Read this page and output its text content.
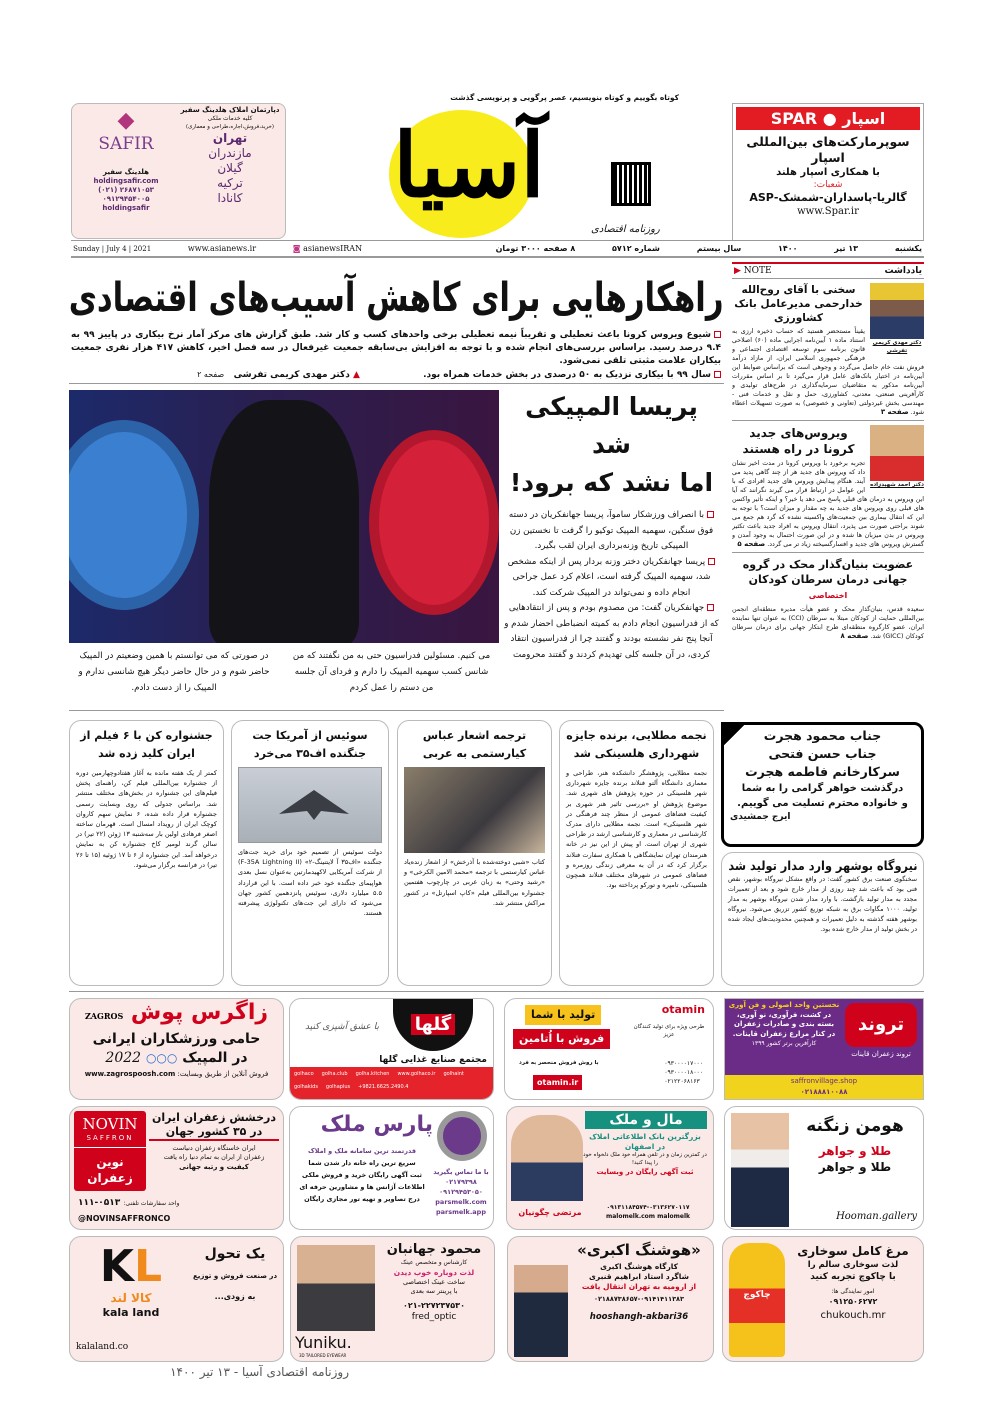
کوتاه بگوییم و کوتاه بنویسیم، عصر پرگویی و پرنویسی گذشت
آسیا
روزنامه اقتصادی
اسپار ● SPAR
سوپرمارکت‌های بین‌المللی اسپار
با همکاری اسپار هلند
شعبات:
گالریا-پاسداران-شمشک-ASP
www.Spar.ir
دپارتمان املاک هلدینگ سفیر
کلیه خدمات ملکی
(خرید،فروش،اجاره،طراحی و معماری)
تهران
مازندران
گیلان
ترکیه
کانادا
◆
SAFIR
هلدینگ سفیر
holdingsafir.com
(۰۲۱) ۲۶۸۷۱۰۵۳
۰۹۱۲۹۴۵۴۰۰۵
holdingsafir
یکشنبه
۱۳ تیر
۱۴۰۰
سال بیستم
شماره ۵۷۱۲
۸ صفحه ۳۰۰۰ تومان
◙ asianewsIRAN
www.asianews.ir
Sunday | July 4 | 2021
راهکارهایی برای کاهش آسیب‌های اقتصادی

شیوع ویروس کرونا باعث تعطیلی و تقریباً نیمه تعطیلی برخی واحدهای کسب و کار شد. طبق گزارش های مرکز آمار نرخ بیکاری در پاییز ۹۹ به ۹.۴ درصد رسید. براساس بررسی‌های انجام شده و با توجه به افزایش بی‌سابقه جمعیت غیرفعال در سه فصل اخیر، کاهش ۴۱۷ هزار نفری جمعیت بیکاران علامت مثبتی تلقی نمی‌شود.

سال ۹۹ با بیکاری نزدیک به ۵۰ درصدی در بخش خدمات همراه بود. ▲ دکتر مهدی کریمی تفرشی   صفحه ۲

یادداشت
NOTE ▶
دکتر مهدی کریمی تفرشی
سخنی با آقای روح‌الله خدارحمی مدیرعامل بانک کشاورزی

یقیناً مستحضر هستید که حساب ذخیره ارزی به استناد ماده ۱ آیین‌نامه اجرایی ماده (۶۰) اصلاحی قانون برنامه سوم توسعه اقتصادی اجتماعی و فرهنگی جمهوری اسلامی ایران، از مازاد درآمد فروش نفت خام حاصل می‌گردد و وجوهی است که براساس ضوابط این آیین‌نامه در اختیار بانک‌های عامل قرار می‌گیرد تا بر اساس مقررات آیین‌نامه مذکور به متقاضیان سرمایه‌گذاری در طرح‌های تولیدی و کارآفرینی صنعتی، معدنی، کشاورزی، حمل و نقل و خدمات فنی - مهندسی بخش غیردولتی (تعاونی و خصوصی) به صورت تسهیلات اعطاء شود. صفحه ۳

دکتر احمد شهیدزاده
ویروس‌های جدید کرونا در راه هستند

تجربه برخورد با ویروس کرونا در مدت اخیر نشان داد که ویروس های جدید هر از چند گاهی پدید می آیند. هنگام پیدایش ویروس های جدید افرادی که با این عوامل در ارتباط قرار می گیرند نگرانند که آیا این ویروس به درمان های قبلی پاسخ می دهد یا خیر؟ و اینکه تأثیر واکسن های قبلی روی ویروس های جدید به چه مقدار و میزان است؟ با توجه به این که انتقال بیماری بین جمعیت‌های واکسینه نشده که گرد هم جمع می شوند براحتی صورت می پذیرد، انتقال ویروس به افراد جدید باعث تکثیر ویروس در بدن میزبان ها شده و در این صورت احتمال به وجود آمدن و گسترش ویروس های جدید و افسارگسیخته زیاد تر می گردد. صفحه ۵

عضویت بنیان‌گذار محک در گروه جهانی درمان سرطان کودکان اختصاصی

سعیده قدس، بنیان‌گذار محک و عضو هیأت مدیره منطقه‌ای انجمن بین‌المللی حمایت از کودکان مبتلا به سرطان (CCI) به عنوان تنها نماینده ایران، عضو کارگروه منطقه‌ای طرح ابتکار جهانی برای درمان سرطان کودکان (GICC) شد. صفحه ۸

پریسا المپیکی شد
اما نشد که برود!

با انصراف ورزشکار ساموآ، پریسا جهانفکریان در دسته فوق سنگین، سهمیه المپیک توکیو را گرفت تا نخستین زن المپیکی تاریخ وزنه‌برداری ایران لقب بگیرد.

پریسا جهانفکریان دختر وزنه بردار پس از اینکه مشخص شد، سهمیه المپیک گرفته است، اعلام کرد عمل جراحی انجام داده و نمی‌تواند در المپیک شرکت کند.

جهانفکریان گفت: من مصدوم بودم و پس از انتقادهایی که از فدراسیون انجام دادم به کمیته انضباطی احضار شدم و آنجا پنج نفر نشسته بودند و گفتند چرا از فدراسیون انتقاد کردی، در آن جلسه کلی تهدیدم کردند و گفتند محرومت

می کنیم. مسئولین فدراسیون حتی به من نگفتند که من شانس کسب سهمیه المپیک را دارم و فردای آن جلسه من دستم را عمل کردم

در صورتی که می توانستم با همین وضعیتم در المپیک حاضر شوم و در حال حاضر دیگر هیچ شانسی ندارم و المپیک را از دست دادم.

نجمه مطلایی، برنده جایزه شهرداری هلسینکی شد

نجمه مطلایی، پژوهشگر دانشکده هنر، طراحی و معماری دانشگاه آلتو فنلاند برنده جایزه شهرداری شهر هلسینکی در حوزه پژوهش های شهری شد. موضوع پژوهش او «بررسی تاثیر هنر شهری بر کیفیت فضاهای عمومی از منظر چند فرهنگی در شهر هلسینکی» است. نجمه مطلایی دارای مدرک کارشناسی در معماری و کارشناسی ارشد در طراحی شهری از تهران است. او پیش از این نیز در خانه هنرمندان تهران نمایشگاهی با همکاری سفارت فنلاند برگزار کرد که در آن به معرفی زندگی روزمره و فضاهای عمومی در شهرهای مختلف فنلاند همچون هلسینکی، تامپره و تورکو پرداخته بود.

ترجمه اشعار عباس کیارستمی به عربی

کتاب «شبی دوخته‌شده با آذرخش» از اشعار زنده‌یاد عباس کیارستمی با ترجمه «محمد الامین الکرخی» و «رشید وحتی» به زبان عربی در چارچوب هفتمین جشنواره بین‌المللی فیلم «کاپ اسپارتل» در کشور مراکش منتشر شد.

سوئیس از آمریکا جت جنگنده اف۳۵ می‌خرد

دولت سوئیس از تصمیم خود برای خرید جت‌های جنگنده «اف۳۵ آ لایتنینگ-۲» (F-35A Lightning II) از شرکت آمریکایی لاکهیدمارتین به‌عنوان نسل بعدی هواپیمای جنگنده خود خبر داده است. با این قرارداد ۵.۵ میلیارد دلاری، سوئیس پانزدهمین کشور جهان می‌شود که دارای این جت‌های تکنولوژی پیشرفته هستند.

جشنواره کن با ۶ فیلم از ایران کلید زده شد

کمتر از یک هفته مانده به آغاز هفتادوچهارمین دوره از جشنواره بین‌المللی فیلم کن، راهنمای پخش فیلم‌های این جشنواره در بخش‌های مختلف منتشر شد. براساس جدولی که روی وبسایت رسمی جشنواره قرار داده شده، ۶ نمایش سهم کاروان کوچک ایران از رویداد امسال است. قهرمان ساخته اصغر فرهادی اولین بار سه‌شنبه ۱۳ ژوئن (۲۲ تیر) در سالن گرند لومیر کاخ جشنواره کن به نمایش درخواهد آمد. این جشنواره از ۶ تا ۱۷ ژوئیه (۱۵ تا ۲۶ تیر) در فرانسه برگزار می‌شود.

جناب محمود هجرت
جناب حسن فتحی
سرکارخانم فاطمه هجرت
درگذشت خواهر گرامی را به شما
و خانواده محترم تسلیت می گوییم.
ایرج جمشیدی
نیروگاه بوشهر وارد مدار تولید شد

سخنگوی صنعت برق کشور گفت: در واقع مشکل نیروگاه بوشهر، نقص فنی بود که باعث شد چند روزی از مدار خارج شود و بعد از تعمیرات مجدد به مدار تولید بازگشت. با وارد مدار شدن نیروگاه بوشهر به مدار تولید، ۱۰۰۰ مگاوات برق به شبکه توزیع کشور تزریق می‌شود. نیروگاه بوشهر هفته گذشته به دلیل تعمیرات و همچنین محدودیت‌های ایجاد شده در بخش تولید از مدار خارج شده بود.

زاگرس پوش ZAGROS
حامی ورزشکاران ایرانی
2022 ○○○ در المپیک
فروش آنلاین از طریق وبسایت: www.zagrospoosh.com
با عشق آشپزی کنید	گلها
مجتمع صنایع غذایی گلها
golhaco golha.club golha.kitchen www.golhaco.ir golhaint
golhakids golhaplus +9821.6625.2490.4
otamin
طرحی ویژه برای تولید کنندگان عزیز
۰۹۳۰۰۰۰۱۷۰۰۰
۰۹۳۰۰۰۰۱۸۰۰۰
۰۲۱۲۲۰۶۸۱۶۳
تولید با شما
فروش با اُتامین
با روش فروش منحصر به فرد
otamin.ir
تروند
نخستین واحد اصولی و فن آوری
در کشت، فرآوری، نو آوری،
بسته بندی و صادرات زعفران
در کنار مزارع زعفران قاینات.
کارآفرین برتر کشور ۱۳۹۹
تروند زعفران قاینات
saffronvillage.shop
۰۲۱۸۸۸۱۰۰۸۸
NOVIN
SAFFRON
نوین زعفران
درخشش زعفران ایران
در ۳۵ کشور جهان
ایران خاستگاه زعفران دنیاست
زعفران از ایران به تمام دنیا راه یافت
کیفیت و رتبه جهانی
واحد سفارشات تلفنی: ۰۵۱۳-۱۱۱
@NOVINSAFFRONCO
پارس ملک
قدرتمند ترین سامانه ملک و املاک
سریع ترین راه خانه دار شدن شما
ثبت آگهی رایگان خرید و فروش ملکی
اطلاعات آژانس ها و مشاورین حرفه ای
درج تصاویر و تهیه تور مجازی رایگان
با ما تماس بگیرید
۰۲۱۷۹۳۹۸
۰۹۱۲۹۴۵۳۰۵۰
parsmelk.com
parsmelk.app
مال و ملک
بزرگترین بانک اطلاعاتی املاک
در اصفهان
در کمترین زمان و در تلفن همراه خود ملک دلخواه خود را پیدا کنید!
ثبت آگهی رایگان در وبسایت
مرتضی چگونیان
۰۹۱۳۱۱۸۴۵۷۴-۰۳۱۳۶۲۷۰۱۱۷
malomelk.com malomelk
هومن زنگنه
طلا و جواهر
طلا و جواهر
Hooman.gallery
یک تحول
در صنعت فروش و توزیع
به زودی...
KL
کالا لند
kala land
kalaland.co	Yuniku.
3D TAILORED EYEWEAR
محمود جهانبان
کارشناس و متخصص عینک
لذت دوباره خوب دیدن
ساخت عینک اختصاصی
با پرینتر سه بعدی
۰۲۱-۲۲۷۲۳۷۵۳۰
fred_optic
«هوشنگ اکبری»
کارگاه هوشنگ اکبری
شاگرد استاد ابراهیم قنبری
از ارومیه به تهران انتقال یافت
۰۲۱۸۸۷۳۸۶۵۷-۰۹۱۴۱۴۱۱۳۸۳
hooshangh-akbari36
چاکوچ
مرغ کامل سوخاری
لذت سوخاری سالم را
با چاکوچ تجربه کنید
امور نمایندگی ها:
۰۹۱۲۵۰۶۲۷۲
chukouch.mr
روزنامه اقتصادی آسیا - ۱۳ تیر ۱۴۰۰
